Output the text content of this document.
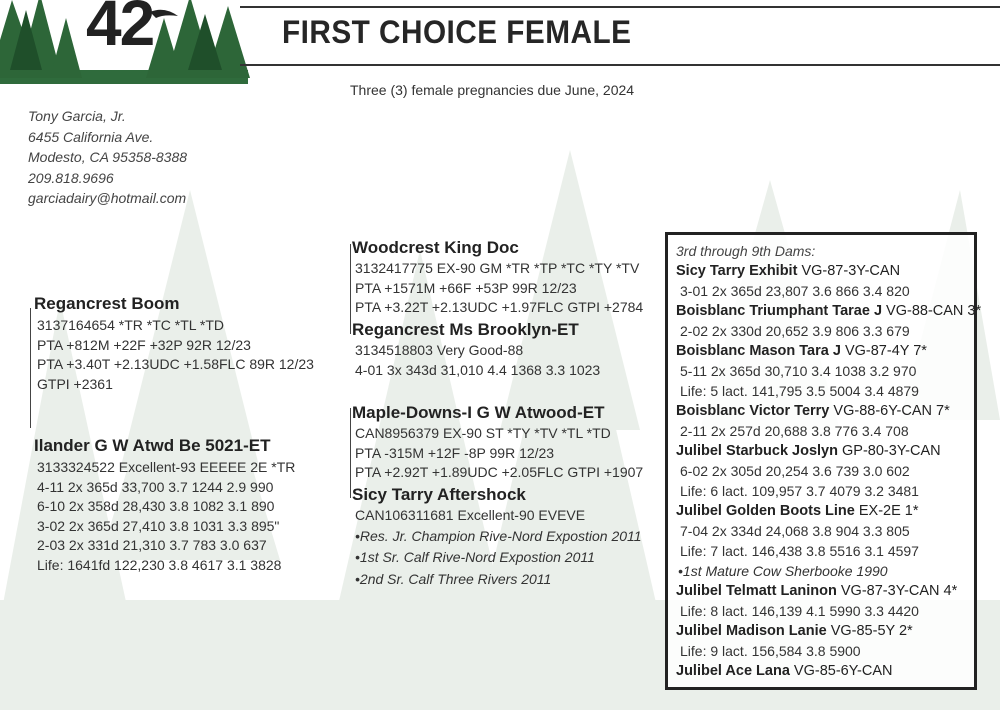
42	FIRST CHOICE FEMALE
Three (3) female pregnancies due June, 2024
Tony Garcia, Jr.
6455 California Ave.
Modesto, CA 95358-8388
209.818.9696
garciadairy@hotmail.com
Regancrest Boom
3137164654 *TR *TC *TL *TD
PTA +812M +22F +32P 92R 12/23
PTA +3.40T +2.13UDC +1.58FLC 89R 12/23
GTPI +2361
Ilander G W Atwd Be 5021-ET
3133324522 Excellent-93 EEEEE 2E *TR
4-11 2x 365d 33,700 3.7 1244 2.9 990
6-10 2x 358d 28,430 3.8 1082 3.1 890
3-02 2x 365d 27,410 3.8 1031 3.3 895"
2-03 2x 331d 21,310 3.7 783 3.0 637
Life: 1641fd 122,230 3.8 4617 3.1 3828
Woodcrest King Doc
3132417775 EX-90 GM *TR *TP *TC *TY *TV
PTA +1571M +66F +53P 99R 12/23
PTA +3.22T +2.13UDC +1.97FLC GTPI +2784
Regancrest Ms Brooklyn-ET
3134518803 Very Good-88
4-01 3x 343d 31,010 4.4 1368 3.3 1023
Maple-Downs-I G W Atwood-ET
CAN8956379 EX-90 ST *TY *TV *TL *TD
PTA -315M +12F -8P 99R 12/23
PTA +2.92T +1.89UDC +2.05FLC GTPI +1907
Sicy Tarry Aftershock
CAN106311681 Excellent-90 EVEVE
•Res. Jr. Champion Rive-Nord Expostion 2011
•1st Sr. Calf Rive-Nord Expostion 2011
•2nd Sr. Calf Three Rivers 2011
3rd through 9th Dams:
Sicy Tarry Exhibit VG-87-3Y-CAN
3-01 2x 365d 23,807 3.6 866 3.4 820
Boisblanc Triumphant Tarae J VG-88-CAN 3*
2-02 2x 330d 20,652 3.9 806 3.3 679
Boisblanc Mason Tara J VG-87-4Y 7*
5-11 2x 365d 30,710 3.4 1038 3.2 970
Life: 5 lact. 141,795 3.5 5004 3.4 4879
Boisblanc Victor Terry VG-88-6Y-CAN 7*
2-11 2x 257d 20,688 3.8 776 3.4 708
Julibel Starbuck Joslyn GP-80-3Y-CAN
6-02 2x 305d 20,254 3.6 739 3.0 602
Life: 6 lact. 109,957 3.7 4079 3.2 3481
Julibel Golden Boots Line EX-2E 1*
7-04 2x 334d 24,068 3.8 904 3.3 805
Life: 7 lact. 146,438 3.8 5516 3.1 4597
•1st Mature Cow Sherbooke 1990
Julibel Telmatt Laninon VG-87-3Y-CAN 4*
Life: 8 lact. 146,139 4.1 5990 3.3 4420
Julibel Madison Lanie VG-85-5Y 2*
Life: 9 lact. 156,584 3.8 5900
Julibel Ace Lana VG-85-6Y-CAN
